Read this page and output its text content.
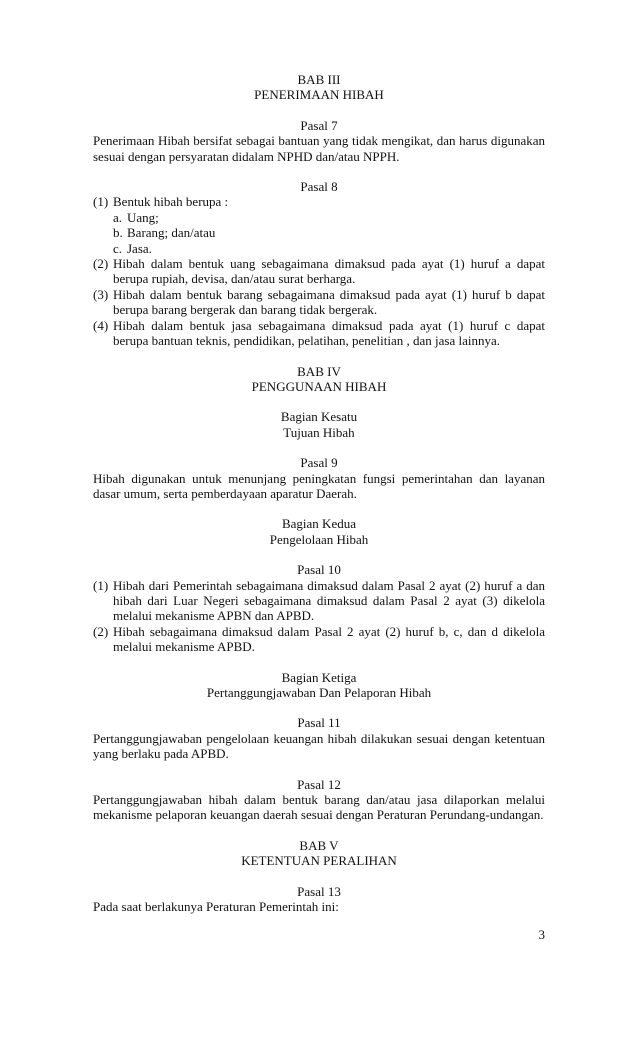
BAB III
PENERIMAAN HIBAH
Pasal 7
Penerimaan Hibah bersifat sebagai bantuan yang tidak mengikat, dan harus digunakan sesuai dengan persyaratan didalam NPHD dan/atau NPPH.
Pasal 8
(1) Bentuk hibah berupa :
a. Uang;
b. Barang; dan/atau
c. Jasa.
(2) Hibah dalam bentuk uang sebagaimana dimaksud pada ayat (1) huruf a dapat berupa rupiah, devisa, dan/atau surat berharga.
(3) Hibah dalam bentuk barang sebagaimana dimaksud pada ayat (1) huruf b dapat berupa barang bergerak dan barang tidak bergerak.
(4) Hibah dalam bentuk jasa sebagaimana dimaksud pada ayat (1) huruf c dapat berupa bantuan teknis, pendidikan, pelatihan, penelitian , dan jasa lainnya.
BAB IV
PENGGUNAAN HIBAH
Bagian Kesatu
Tujuan Hibah
Pasal 9
Hibah digunakan untuk menunjang peningkatan fungsi pemerintahan dan layanan dasar umum, serta pemberdayaan aparatur Daerah.
Bagian Kedua
Pengelolaan Hibah
Pasal 10
(1) Hibah dari Pemerintah sebagaimana dimaksud dalam Pasal 2 ayat (2) huruf a dan hibah dari Luar Negeri sebagaimana dimaksud dalam Pasal 2 ayat (3) dikelola melalui mekanisme APBN dan APBD.
(2) Hibah sebagaimana dimaksud dalam Pasal 2 ayat (2) huruf b, c, dan d dikelola melalui mekanisme APBD.
Bagian Ketiga
Pertanggungjawaban Dan Pelaporan Hibah
Pasal 11
Pertanggungjawaban pengelolaan keuangan hibah dilakukan sesuai dengan ketentuan yang berlaku pada APBD.
Pasal 12
Pertanggungjawaban hibah dalam bentuk barang dan/atau jasa dilaporkan melalui mekanisme pelaporan keuangan daerah sesuai dengan Peraturan Perundang-undangan.
BAB V
KETENTUAN PERALIHAN
Pasal 13
Pada saat berlakunya Peraturan Pemerintah ini:
3
